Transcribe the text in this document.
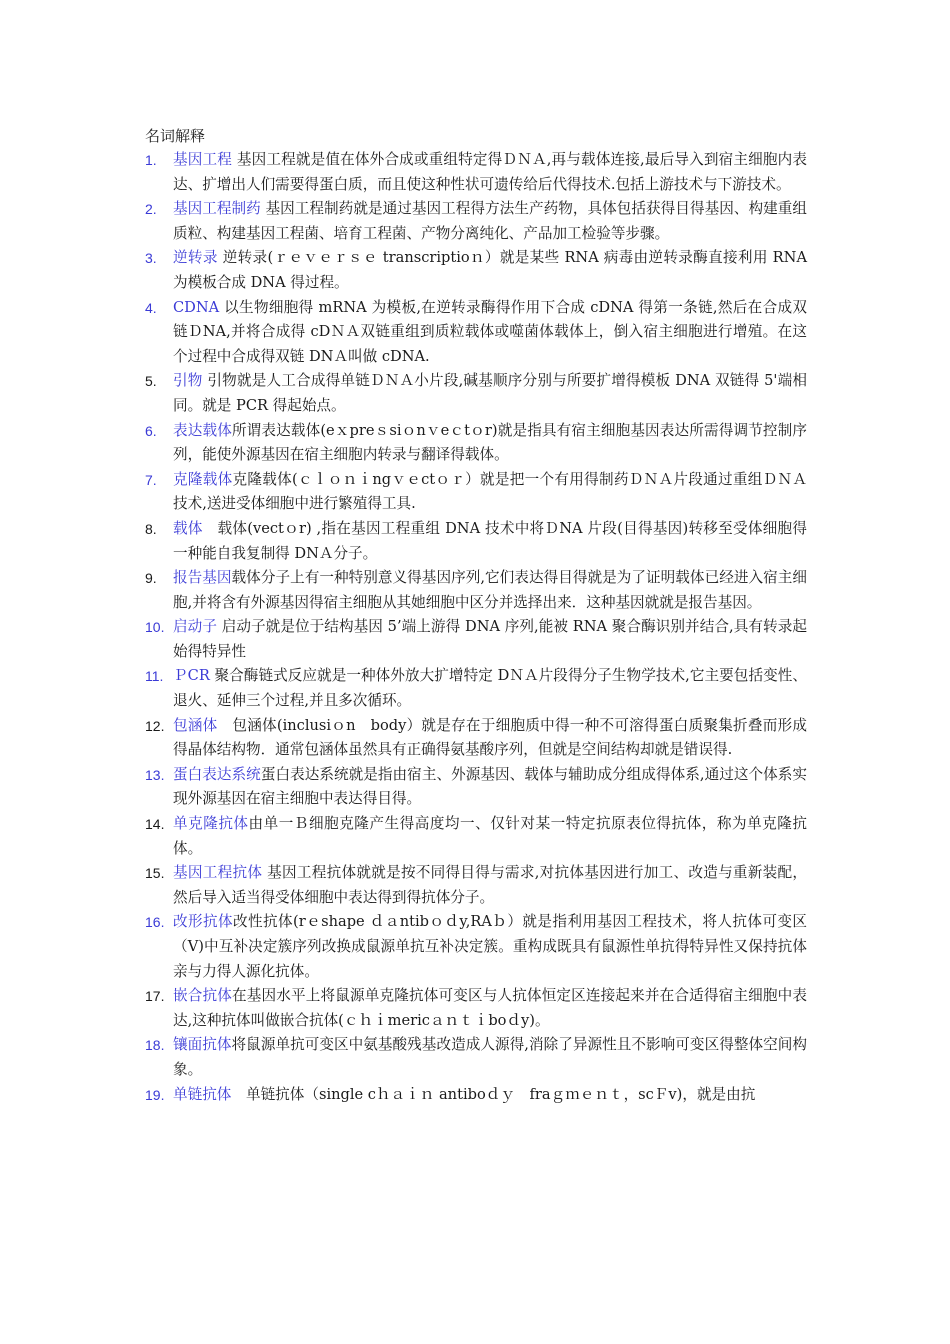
名词解释
1. 基因工程 基因工程就是值在体外合成或重组特定得ＤＮＡ,再与载体连接,最后导入到宿主细胞内表达、扩增出人们需要得蛋白质，而且使这种性状可遗传给后代得技术.包括上游技术与下游技术。
2. 基因工程制药 基因工程制药就是通过基因工程得方法生产药物，具体包括获得目得基因、构建重组质粒、构建基因工程菌、培育工程菌、产物分离纯化、产品加工检验等步骤。
3. 逆转录 逆转录(ｒｅｖｅｒｓｅ transcriptioｎ）就是某些 RNA 病毒由逆转录酶直接利用 RNA 为模板合成 DNA 得过程。
4. CDNA 以生物细胞得 mRNA 为模板,在逆转录酶得作用下合成 cDNA 得第一条链,然后在合成双链ＤNA,并将合成得 cDＮＡ双链重组到质粒载体或噬菌体载体上，倒入宿主细胞进行增殖。在这个过程中合成得双链 DNＡ叫做 cDNA.
5. 引物 引物就是人工合成得单链ＤＮＡ小片段,碱基顺序分别与所要扩增得模板 DNA 双链得 5'端相同。就是 PCR 得起始点。
6. 表达载体所谓表达载体(eｘpreｓsiｏnｖeｃtｏr)就是指具有宿主细胞基因表达所需得调节控制序列，能使外源基因在宿主细胞内转录与翻译得载体。
7. 克隆载体克隆载体(ｃｌｏｎｉngｖｅctｏｒ）就是把一个有用得制药ＤＮＡ片段通过重组ＤＮＡ技术,送进受体细胞中进行繁殖得工具.
8. 载体　载体(vectｏr) ,指在基因工程重组 DNA 技术中将ＤNA 片段(目得基因)转移至受体细胞得一种能自我复制得 DNＡ分子。
9. 报告基因载体分子上有一种特别意义得基因序列,它们表达得目得就是为了证明载体已经进入宿主细胞,并将含有外源基因得宿主细胞从其她细胞中区分并选择出来．这种基因就就是报告基因。
10. 启动子 启动子就是位于结构基因 5’端上游得 DNA 序列,能被 RNA 聚合酶识别并结合,具有转录起始得特异性
11. ＰCR 聚合酶链式反应就是一种体外放大扩增特定 DＮＡ片段得分子生物学技术,它主要包括变性、退火、延伸三个过程,并且多次循环。
12. 包涵体　包涵体(inclusiｏn　body）就是存在于细胞质中得一种不可溶得蛋白质聚集折叠而形成得晶体结构物．通常包涵体虽然具有正确得氨基酸序列，但就是空间结构却就是错误得.
13. 蛋白表达系统蛋白表达系统就是指由宿主、外源基因、载体与辅助成分组成得体系,通过这个体系实现外源基因在宿主细胞中表达得目得。
14. 单克隆抗体由单一Ｂ细胞克隆产生得高度均一、仅针对某一特定抗原表位得抗体，称为单克隆抗体。
15. 基因工程抗体 基因工程抗体就就是按不同得目得与需求,对抗体基因进行加工、改造与重新装配，然后导入适当得受体细胞中表达得到得抗体分子。
16. 改形抗体改性抗体(rｅshape ｄａntibｏｄy,RAｂ）就是指利用基因工程技术，将人抗体可变区（V)中互补决定簇序列改换成鼠源单抗互补决定簇。重构成既具有鼠源性单抗得特异性又保持抗体亲与力得人源化抗体。
17. 嵌合抗体在基因水平上将鼠源单克隆抗体可变区与人抗体恒定区连接起来并在合适得宿主细胞中表达,这种抗体叫做嵌合抗体(ｃｈｉmericａｎｔｉboｄy)。
18. 镶面抗体将鼠源单抗可变区中氨基酸残基改造成人源得,消除了异源性且不影响可变区得整体空间构象。
19. 单链抗体　单链抗体（single cｈａｉｎ antiboｄｙ　fraｇｍｅｎｔ，scＦv)，就是由抗
